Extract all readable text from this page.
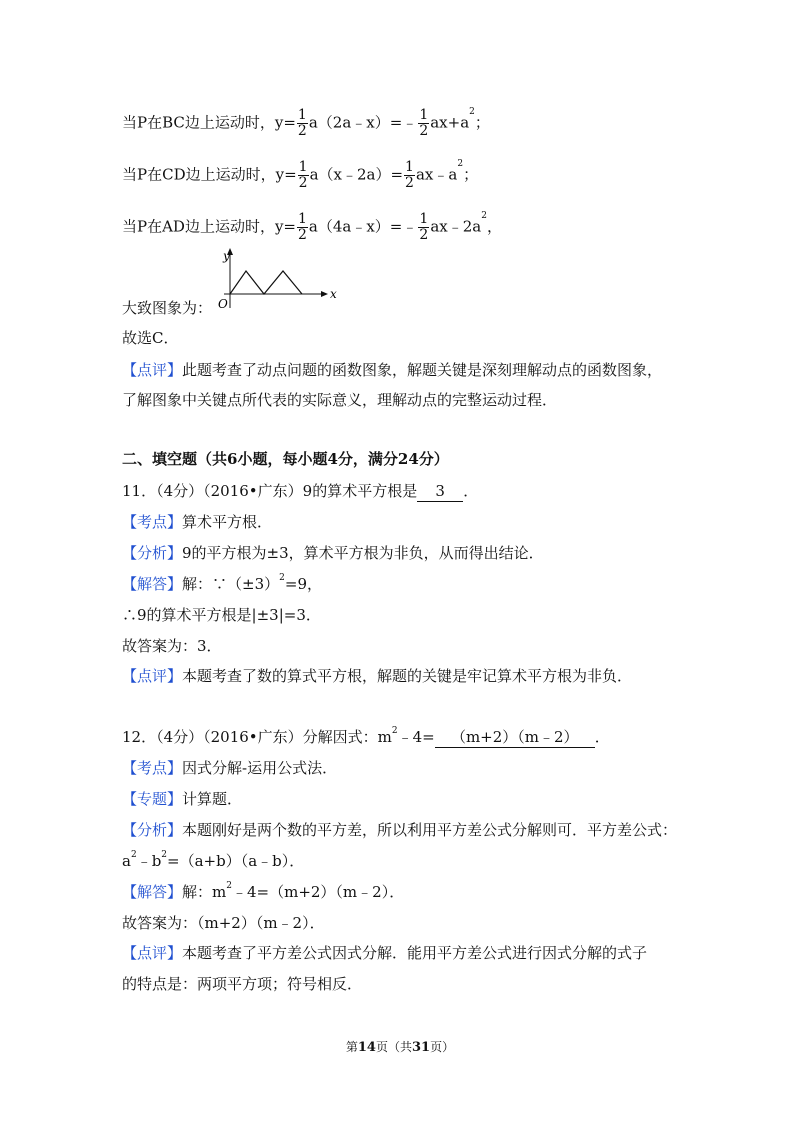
当P在BC边上运动时，$y= \frac{1}{2}$ a（2a﹣x）=﹣ $\frac{1}{2} ax+a^2$；
当P在CD边上运动时，$y= \frac{1}{2}$ a（x﹣2a）= $\frac{1}{2}$ $ax﹣a^2$；
当P在AD边上运动时，$y= \frac{1}{2}$ a（4a﹣x）=﹣ $\frac{1}{2}$ $ax﹣2a^2$，
大致图象为：
y
x
O
故选C．
【点评】此题考查了动点问题的函数图象，解题关键是深刻理解动点的函数图象，
了解图象中关键点所代表的实际意义，理解动点的完整运动过程．
二、填空题（共6小题，每小题4分，满分24分）
11．（4分）（2016•广东）9的算术平方根是 3 ．
【考点】算术平方根．
【分析】9的平方根为±3，算术平方根为非负，从而得出结论．
【解答】解：$\because(\pm 3)^2=9$，
∴9的算术平方根是|±3|=3．
故答案为：3．
【点评】本题考查了数的算式平方根，解题的关键是牢记算术平方根为非负．
12．（4分）（2016•广东）分解因式：$m^2﹣4=$ （m+2）（m﹣2） ．
【考点】因式分解-运用公式法．
【专题】计算题．
【分析】本题刚好是两个数的平方差，所以利用平方差公式分解则可．平方差公式：
$a^2﹣b^2=(a+b)(a﹣b)$．
【解答】解：$m^2﹣4=(m+2)(m﹣2)$．
故答案为：（m+2）（m﹣2）．
【点评】本题考查了平方差公式因式分解．能用平方差公式进行因式分解的式子
的特点是：两项平方项；符号相反．
第14页（共31页）
